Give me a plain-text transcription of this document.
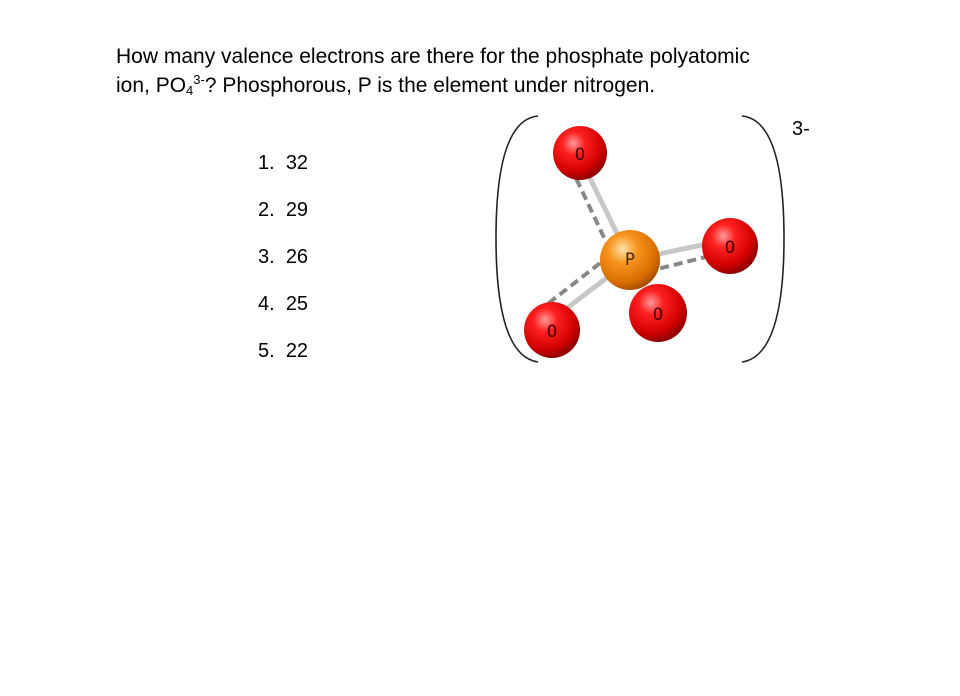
How many valence electrons are there for the phosphate polyatomic
ion, $PO_4^{3-}$? Phosphorous, P is the element under nitrogen.

1. 32
2. 29
3. 26
4. 25
5. 22
3-
O
O
P
O
O
